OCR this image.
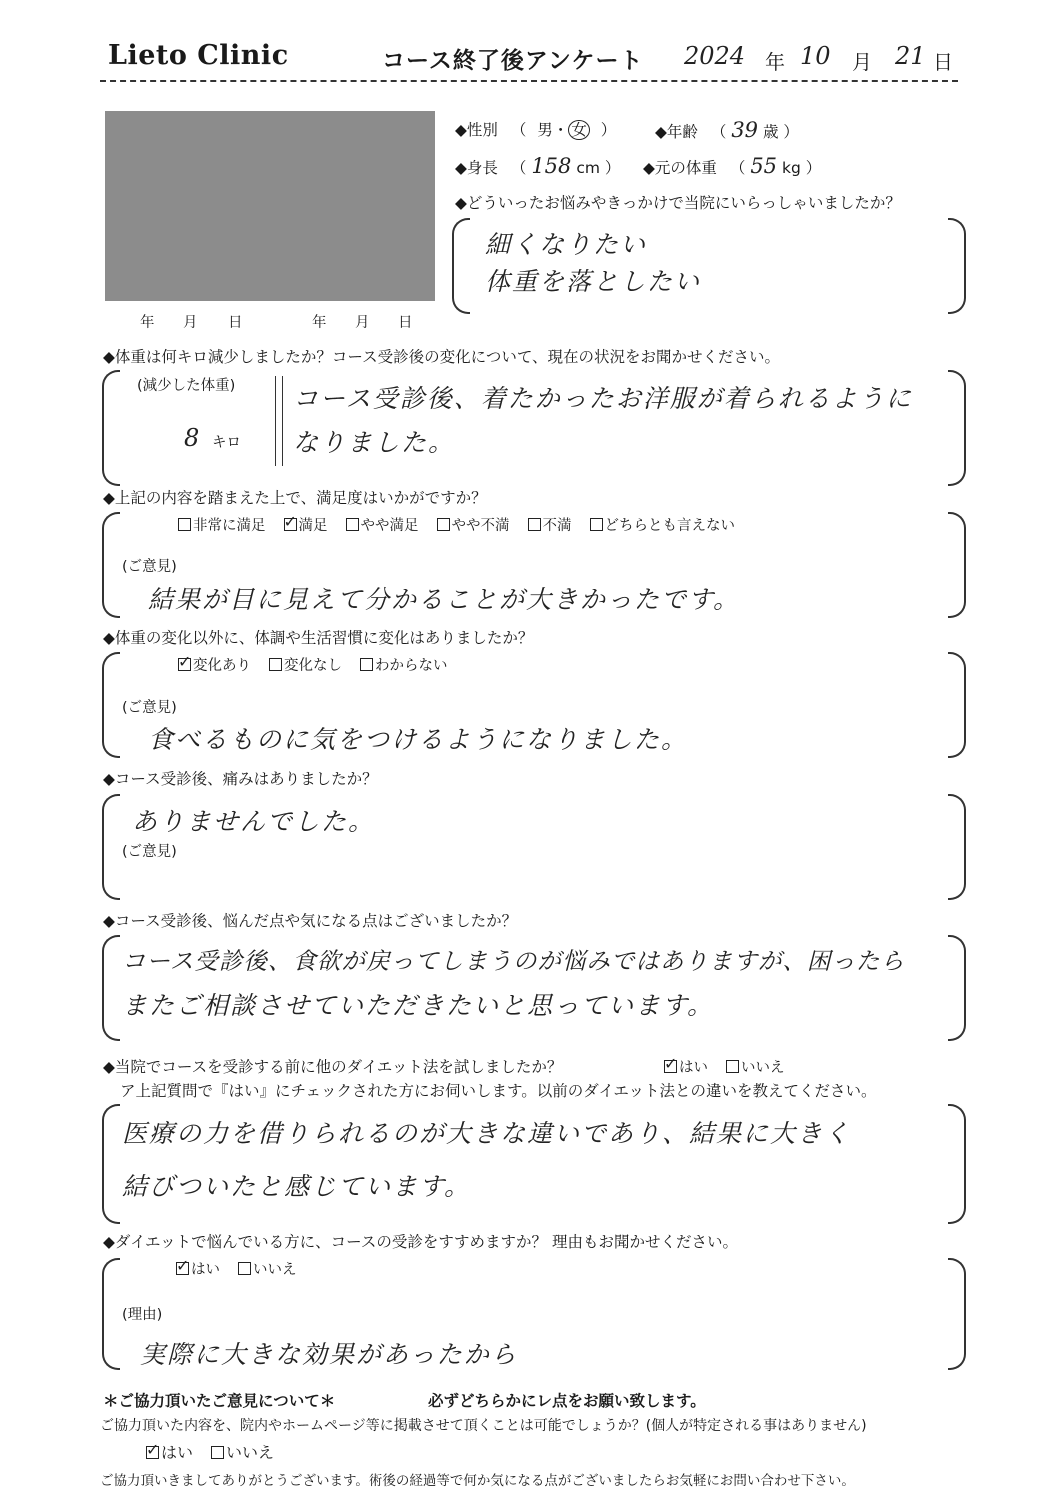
Lieto Clinic	コース終了後アンケート 2024 年 10 月 21 日
年 月 日	年 月 日
◆性別 （ 男・ 女 ） ◆年齢 （ 39 歳 ）
◆身長 （ 158 cm ） ◆元の体重 （ 55 kg ）
◆どういったお悩みやきっかけで当院にいらっしゃいましたか？
細くなりたい
体重を落としたい
◆体重は何キロ減少しましたか？コース受診後の変化について、現在の状況をお聞かせください。
(減少した体重)
8 キロ
コース受診後、着たかったお洋服が着られるように
なりました。
◆上記の内容を踏まえた上で、満足度はいかがですか？
非常に満足 ✓ 満足 やや満足 やや不満 不満 どちらとも言えない
(ご意見)
結果が目に見えて分かることが大きかったです。
◆体重の変化以外に、体調や生活習慣に変化はありましたか？
✓変化あり 変化なし わからない
(ご意見)
食べるものに気をつけるようになりました。
◆コース受診後、痛みはありましたか？
ありませんでした。
(ご意見)
◆コース受診後、悩んだ点や気になる点はございましたか？
コース受診後、食欲が戻ってしまうのが悩みではありますが、困ったら
またご相談させていただきたいと思っています。
◆当院でコースを受診する前に他のダイエット法を試しましたか？ ✓	はい いいえ
ア上記質問で『はい』にチェックされた方にお伺いします。以前のダイエット法との違いを教えてください。
医療の力を借りられるのが大きな違いであり、結果に大きく
結びついたと感じています。
◆ダイエットで悩んでいる方に、コースの受診をすすめますか？ 理由もお聞かせください。
✓はい いいえ
(理由)
実際に大きな効果があったから
＊ご協力頂いたご意見について＊	必ずどちらかにレ点をお願い致します。
ご協力頂いた内容を、院内やホームページ等に掲載させて頂くことは可能でしょうか？(個人が特定される事はありません)
✓はい いいえ
ご協力頂いきましてありがとうございます。術後の経過等で何か気になる点がございましたらお気軽にお問い合わせ下さい。
